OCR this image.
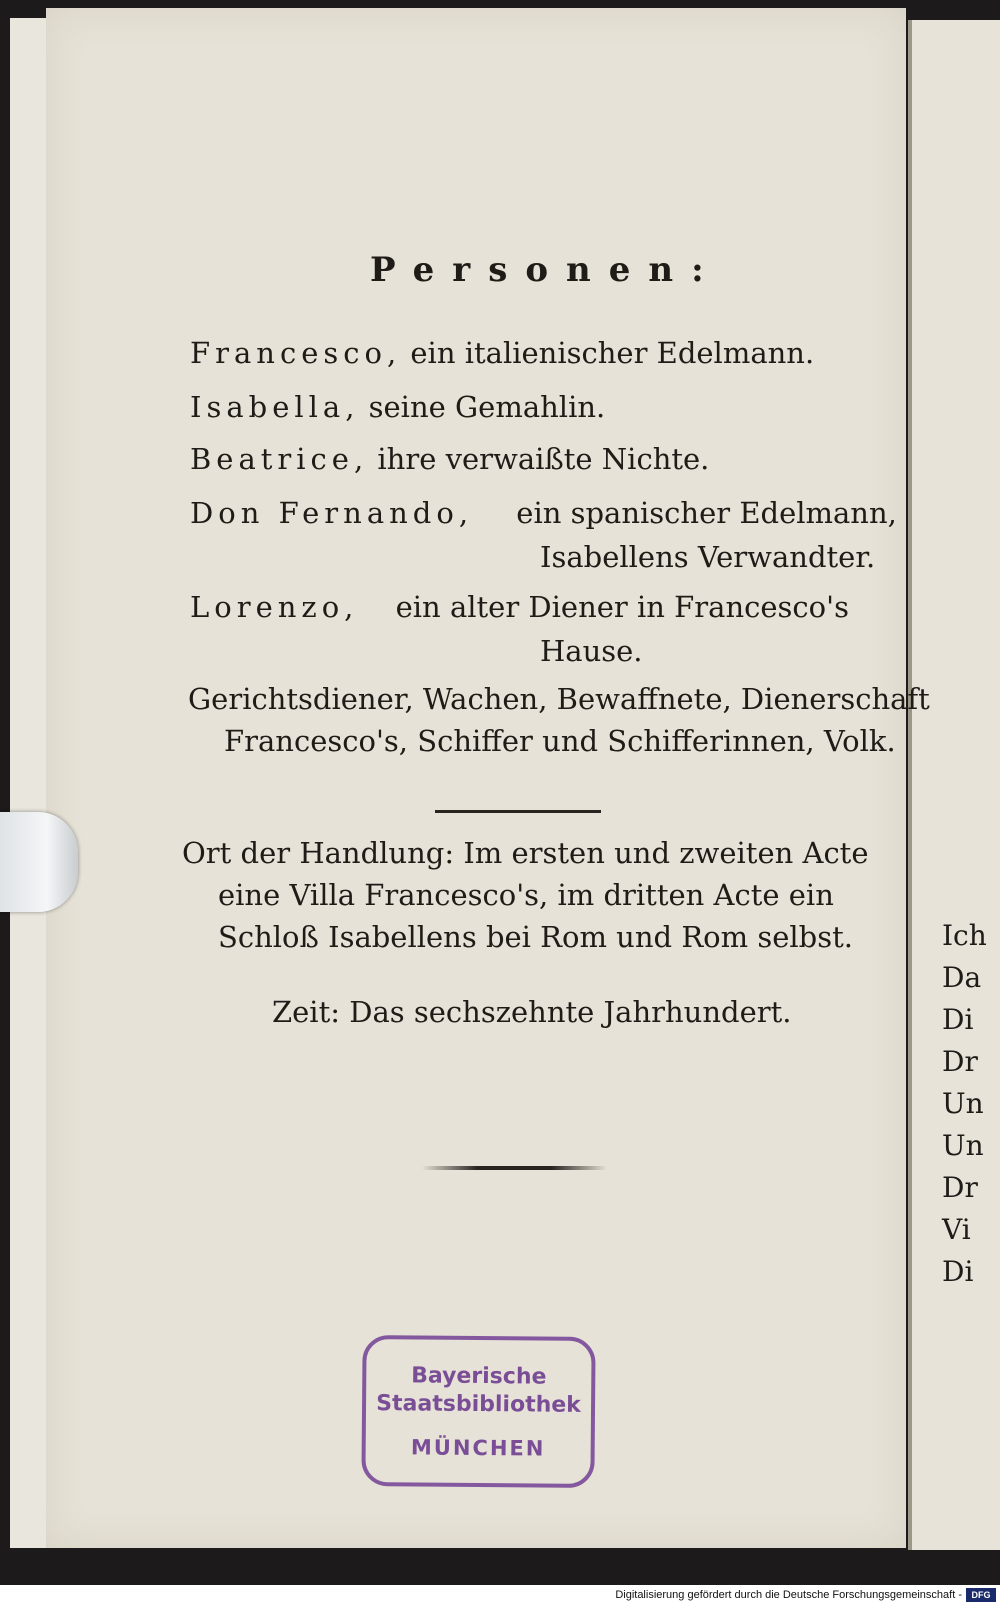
Ich
Da
Di
Dr
Un
Un
Dr
Vi
Di
Personen:
Francesco, ein italienischer Edelmann.
Isabella, seine Gemahlin.
Beatrice, ihre verwaißte Nichte.
Don Fernando, ein spanischer Edelmann,
Isabellens Verwandter.
Lorenzo, ein alter Diener in Francesco's
Hause.
Gerichtsdiener, Wachen, Bewaffnete, Dienerschaft
Francesco's, Schiffer und Schifferinnen, Volk.
Ort der Handlung: Im ersten und zweiten Acte
eine Villa Francesco's, im dritten Acte ein
Schloß Isabellens bei Rom und Rom selbst.
Zeit: Das sechszehnte Jahrhundert.
Bayerische
Staatsbibliothek
MÜNCHEN
Digitalisierung gefördert durch die Deutsche Forschungsgemeinschaft -	DFG
